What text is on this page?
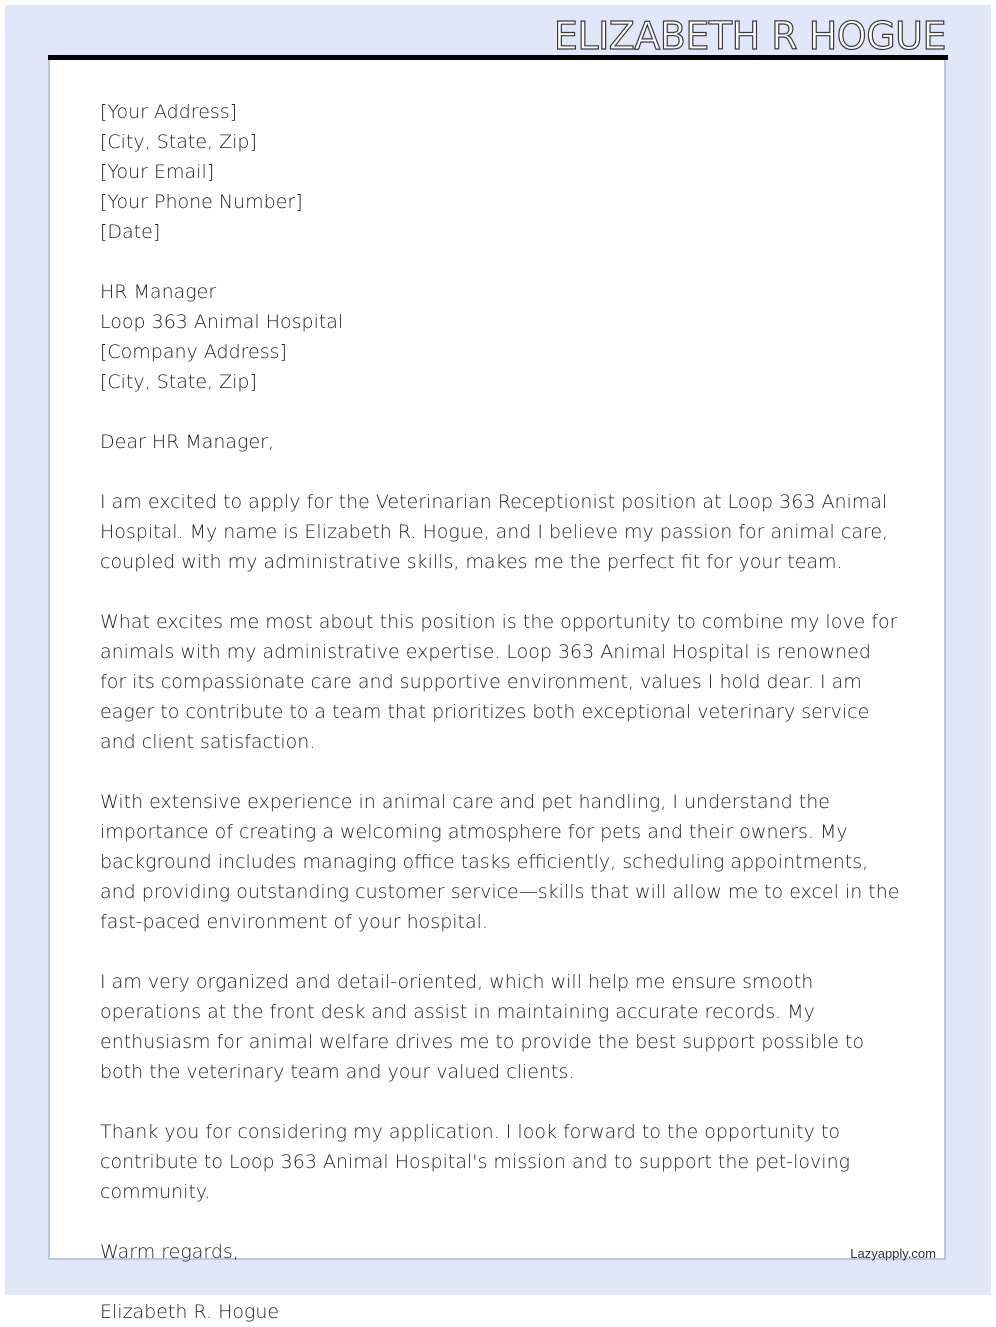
ELIZABETH R HOGUE
[Your Address]
[City, State, Zip]
[Your Email]
[Your Phone Number]
[Date]
HR Manager
Loop 363 Animal Hospital
[Company Address]
[City, State, Zip]

Dear HR Manager,

I am excited to apply for the Veterinarian Receptionist position at Loop 363 Animal Hospital. My name is Elizabeth R. Hogue, and I believe my passion for animal care, coupled with my administrative skills, makes me the perfect fit for your team.

What excites me most about this position is the opportunity to combine my love for animals with my administrative expertise. Loop 363 Animal Hospital is renowned for its compassionate care and supportive environment, values I hold dear. I am eager to contribute to a team that prioritizes both exceptional veterinary service and client satisfaction.

With extensive experience in animal care and pet handling, I understand the importance of creating a welcoming atmosphere for pets and their owners. My background includes managing office tasks efficiently, scheduling appointments, and providing outstanding customer service—skills that will allow me to excel in the fast-paced environment of your hospital.

I am very organized and detail-oriented, which will help me ensure smooth operations at the front desk and assist in maintaining accurate records. My enthusiasm for animal welfare drives me to provide the best support possible to both the veterinary team and your valued clients.

Thank you for considering my application. I look forward to the opportunity to contribute to Loop 363 Animal Hospital's mission and to support the pet-loving community.

Warm regards,

Elizabeth R. Hogue

Lazyapply.com
